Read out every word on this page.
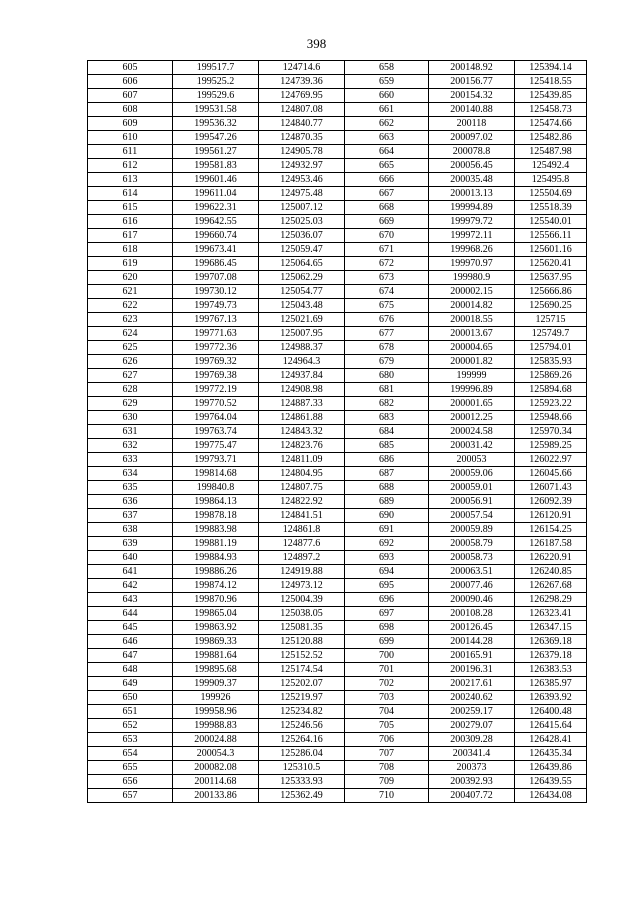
398
605	199517.7	124714.6	658	200148.92	125394.14
606	199525.2	124739.36	659	200156.77	125418.55
607	199529.6	124769.95	660	200154.32	125439.85
608	199531.58	124807.08	661	200140.88	125458.73
609	199536.32	124840.77	662	200118	125474.66
610	199547.26	124870.35	663	200097.02	125482.86
611	199561.27	124905.78	664	200078.8	125487.98
612	199581.83	124932.97	665	200056.45	125492.4
613	199601.46	124953.46	666	200035.48	125495.8
614	199611.04	124975.48	667	200013.13	125504.69
615	199622.31	125007.12	668	199994.89	125518.39
616	199642.55	125025.03	669	199979.72	125540.01
617	199660.74	125036.07	670	199972.11	125566.11
618	199673.41	125059.47	671	199968.26	125601.16
619	199686.45	125064.65	672	199970.97	125620.41
620	199707.08	125062.29	673	199980.9	125637.95
621	199730.12	125054.77	674	200002.15	125666.86
622	199749.73	125043.48	675	200014.82	125690.25
623	199767.13	125021.69	676	200018.55	125715
624	199771.63	125007.95	677	200013.67	125749.7
625	199772.36	124988.37	678	200004.65	125794.01
626	199769.32	124964.3	679	200001.82	125835.93
627	199769.38	124937.84	680	199999	125869.26
628	199772.19	124908.98	681	199996.89	125894.68
629	199770.52	124887.33	682	200001.65	125923.22
630	199764.04	124861.88	683	200012.25	125948.66
631	199763.74	124843.32	684	200024.58	125970.34
632	199775.47	124823.76	685	200031.42	125989.25
633	199793.71	124811.09	686	200053	126022.97
634	199814.68	124804.95	687	200059.06	126045.66
635	199840.8	124807.75	688	200059.01	126071.43
636	199864.13	124822.92	689	200056.91	126092.39
637	199878.18	124841.51	690	200057.54	126120.91
638	199883.98	124861.8	691	200059.89	126154.25
639	199881.19	124877.6	692	200058.79	126187.58
640	199884.93	124897.2	693	200058.73	126220.91
641	199886.26	124919.88	694	200063.51	126240.85
642	199874.12	124973.12	695	200077.46	126267.68
643	199870.96	125004.39	696	200090.46	126298.29
644	199865.04	125038.05	697	200108.28	126323.41
645	199863.92	125081.35	698	200126.45	126347.15
646	199869.33	125120.88	699	200144.28	126369.18
647	199881.64	125152.52	700	200165.91	126379.18
648	199895.68	125174.54	701	200196.31	126383.53
649	199909.37	125202.07	702	200217.61	126385.97
650	199926	125219.97	703	200240.62	126393.92
651	199958.96	125234.82	704	200259.17	126400.48
652	199988.83	125246.56	705	200279.07	126415.64
653	200024.88	125264.16	706	200309.28	126428.41
654	200054.3	125286.04	707	200341.4	126435.34
655	200082.08	125310.5	708	200373	126439.86
656	200114.68	125333.93	709	200392.93	126439.55
657	200133.86	125362.49	710	200407.72	126434.08
